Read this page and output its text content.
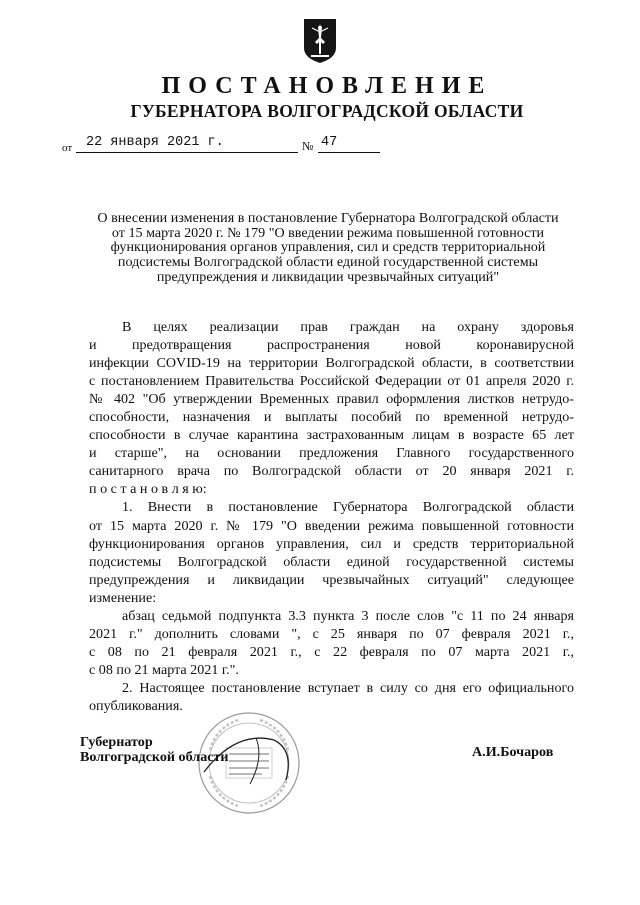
ПОСТАНОВЛЕНИЕ
ГУБЕРНАТОРА ВОЛГОГРАДСКОЙ ОБЛАСТИ
от	22 января 2021 г.	№ 47
О внесении изменения в постановление Губернатора Волгоградской области
от 15 марта 2020 г. № 179 "О введении режима повышенной готовности
функционирования органов управления, сил и средств территориальной
подсистемы Волгоградской области единой государственной системы
предупреждения и ликвидации чрезвычайных ситуаций"
В целях реализации прав граждан на охрану здоровья
и предотвращения распространения новой коронавирусной
инфекции COVID-19 на территории Волгоградской области, в соответствии
с постановлением Правительства Российской Федерации от 01 апреля 2020 г.
№ 402 "Об утверждении Временных правил оформления листков нетрудо-
способности, назначения и выплаты пособий по временной нетрудо-
способности в случае карантина застрахованным лицам в возрасте 65 лет
и старше", на основании предложения Главного государственного
санитарного врача по Волгоградской области от 20 января 2021 г.
п о с т а н о в л я ю:
1. Внести в постановление Губернатора Волгоградской области
от 15 марта 2020 г. № 179 "О введении режима повышенной готовности
функционирования органов управления, сил и средств территориальной
подсистемы Волгоградской области единой государственной системы
предупреждения и ликвидации чрезвычайных ситуаций" следующее
изменение:
абзац седьмой подпункта 3.3 пункта 3 после слов "с 11 по 24 января
2021 г." дополнить словами ", с 25 января по 07 февраля 2021 г.,
с 08 по 21 февраля 2021 г., с 22 февраля по 07 марта 2021 г.,
с 08 по 21 марта 2021 г.".
2. Настоящее постановление вступает в силу со дня его официального
опубликования.
Губернатор
Волгоградской области	А.И.Бочаров
